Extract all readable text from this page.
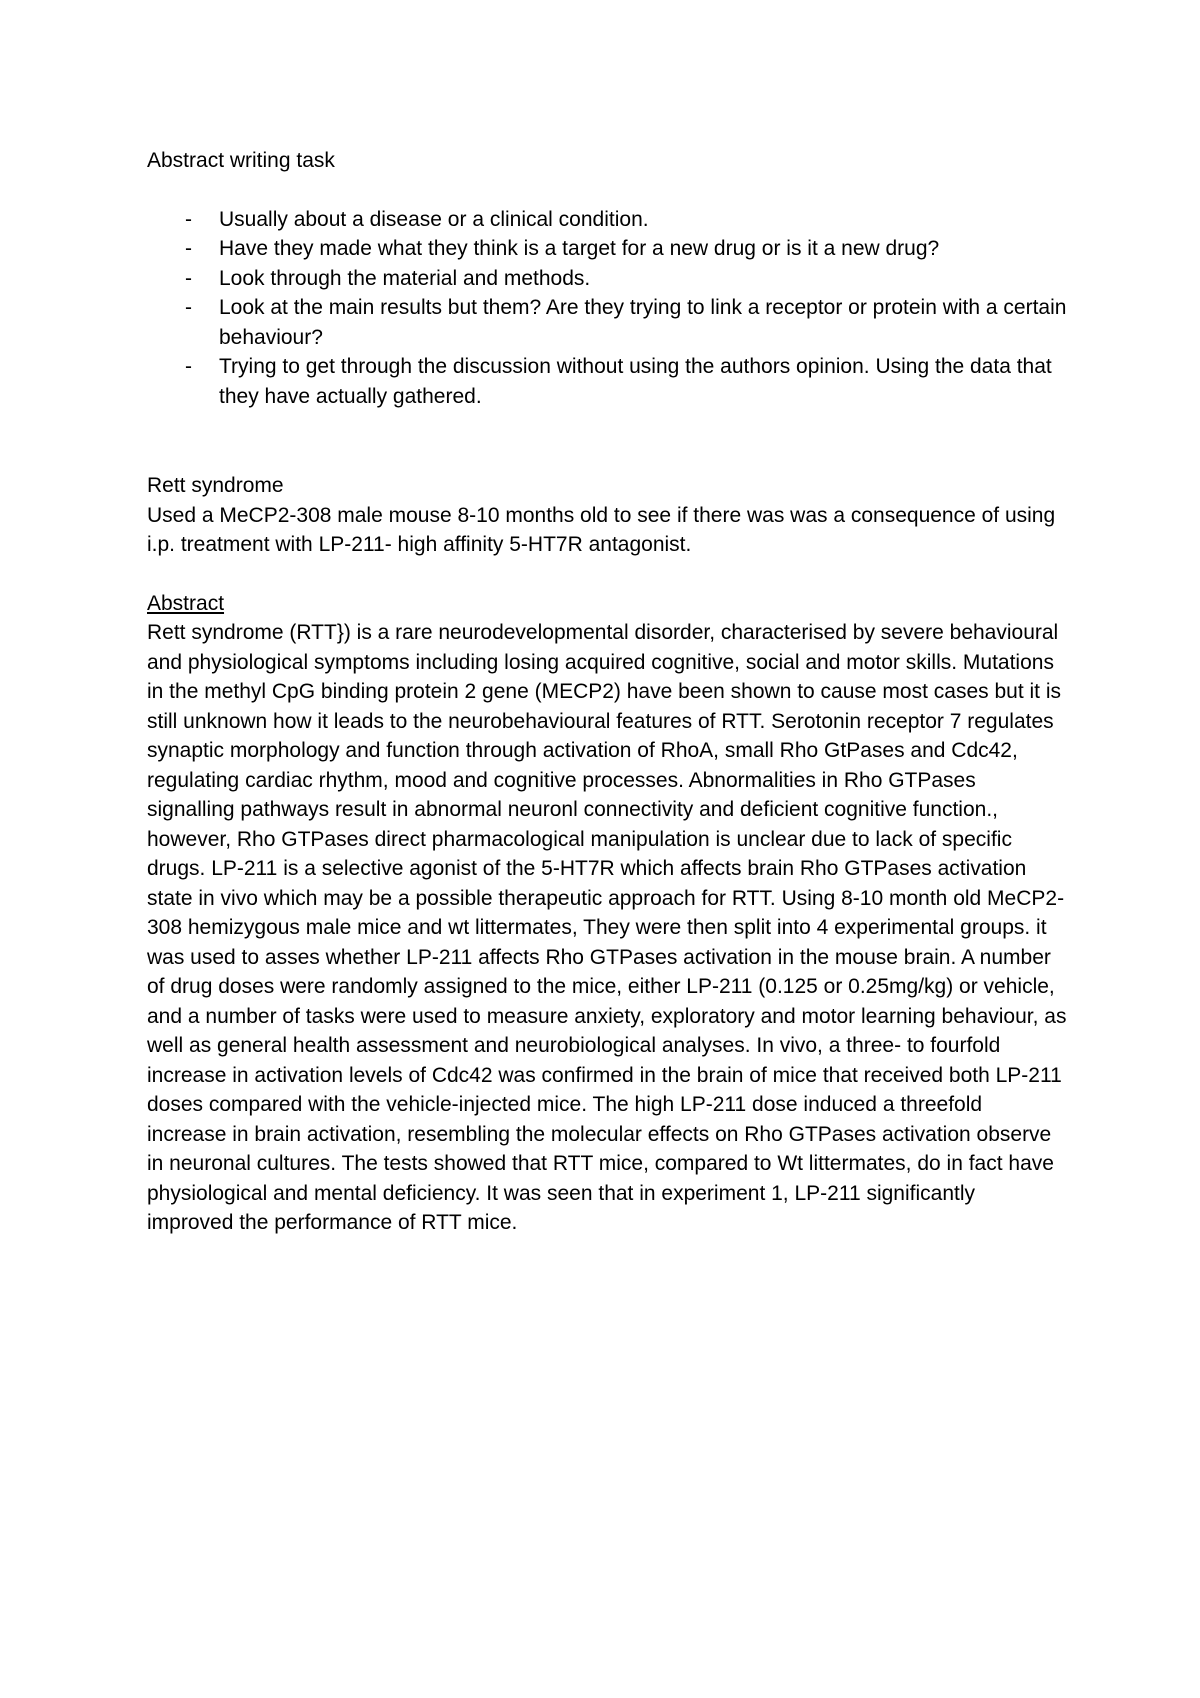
Abstract writing task

- Usually about a disease or a clinical condition.
- Have they made what they think is a target for a new drug or is it a new drug?
- Look through the material and methods.
- Look at the main results but them? Are they trying to link a receptor or protein with a certain behaviour?
- Trying to get through the discussion without using the authors opinion. Using the data that they have actually gathered.

Rett syndrome

Used a MeCP2-308 male mouse 8-10 months old to see if there was was a consequence of using i.p. treatment with LP-211- high affinity 5-HT7R antagonist.

Abstract

Rett syndrome (RTT}) is a rare neurodevelopmental disorder, characterised by severe behavioural and physiological symptoms including losing acquired cognitive, social and motor skills. Mutations in the methyl CpG binding protein 2 gene (MECP2) have been shown to cause most cases but it is still unknown how it leads to the neurobehavioural features of RTT. Serotonin receptor 7 regulates synaptic morphology and function through activation of RhoA, small Rho GtPases and Cdc42, regulating cardiac rhythm, mood and cognitive processes. Abnormalities in Rho GTPases signalling pathways result in abnormal neuronl connectivity and deficient cognitive function., however, Rho GTPases direct pharmacological manipulation is unclear due to lack of specific drugs. LP-211 is a selective agonist of the 5-HT7R which affects brain Rho GTPases activation state in vivo which may be a possible therapeutic approach for RTT. Using 8-10 month old MeCP2-308 hemizygous male mice and wt littermates, They were then split into 4 experimental groups. it was used to asses whether LP-211 affects Rho GTPases activation in the mouse brain. A number of drug doses were randomly assigned to the mice, either LP-211 (0.125 or 0.25mg/kg) or vehicle, and a number of tasks were used to measure anxiety, exploratory and motor learning behaviour, as well as general health assessment and neurobiological analyses. In vivo, a three- to fourfold increase in activation levels of Cdc42 was confirmed in the brain of mice that received both LP-211 doses compared with the vehicle-injected mice. The high LP-211 dose induced a threefold increase in brain activation, resembling the molecular effects on Rho GTPases activation observe in neuronal cultures. The tests showed that RTT mice, compared to Wt littermates, do in fact have physiological and mental deficiency. It was seen that in experiment 1, LP-211 significantly improved the performance of RTT mice.
